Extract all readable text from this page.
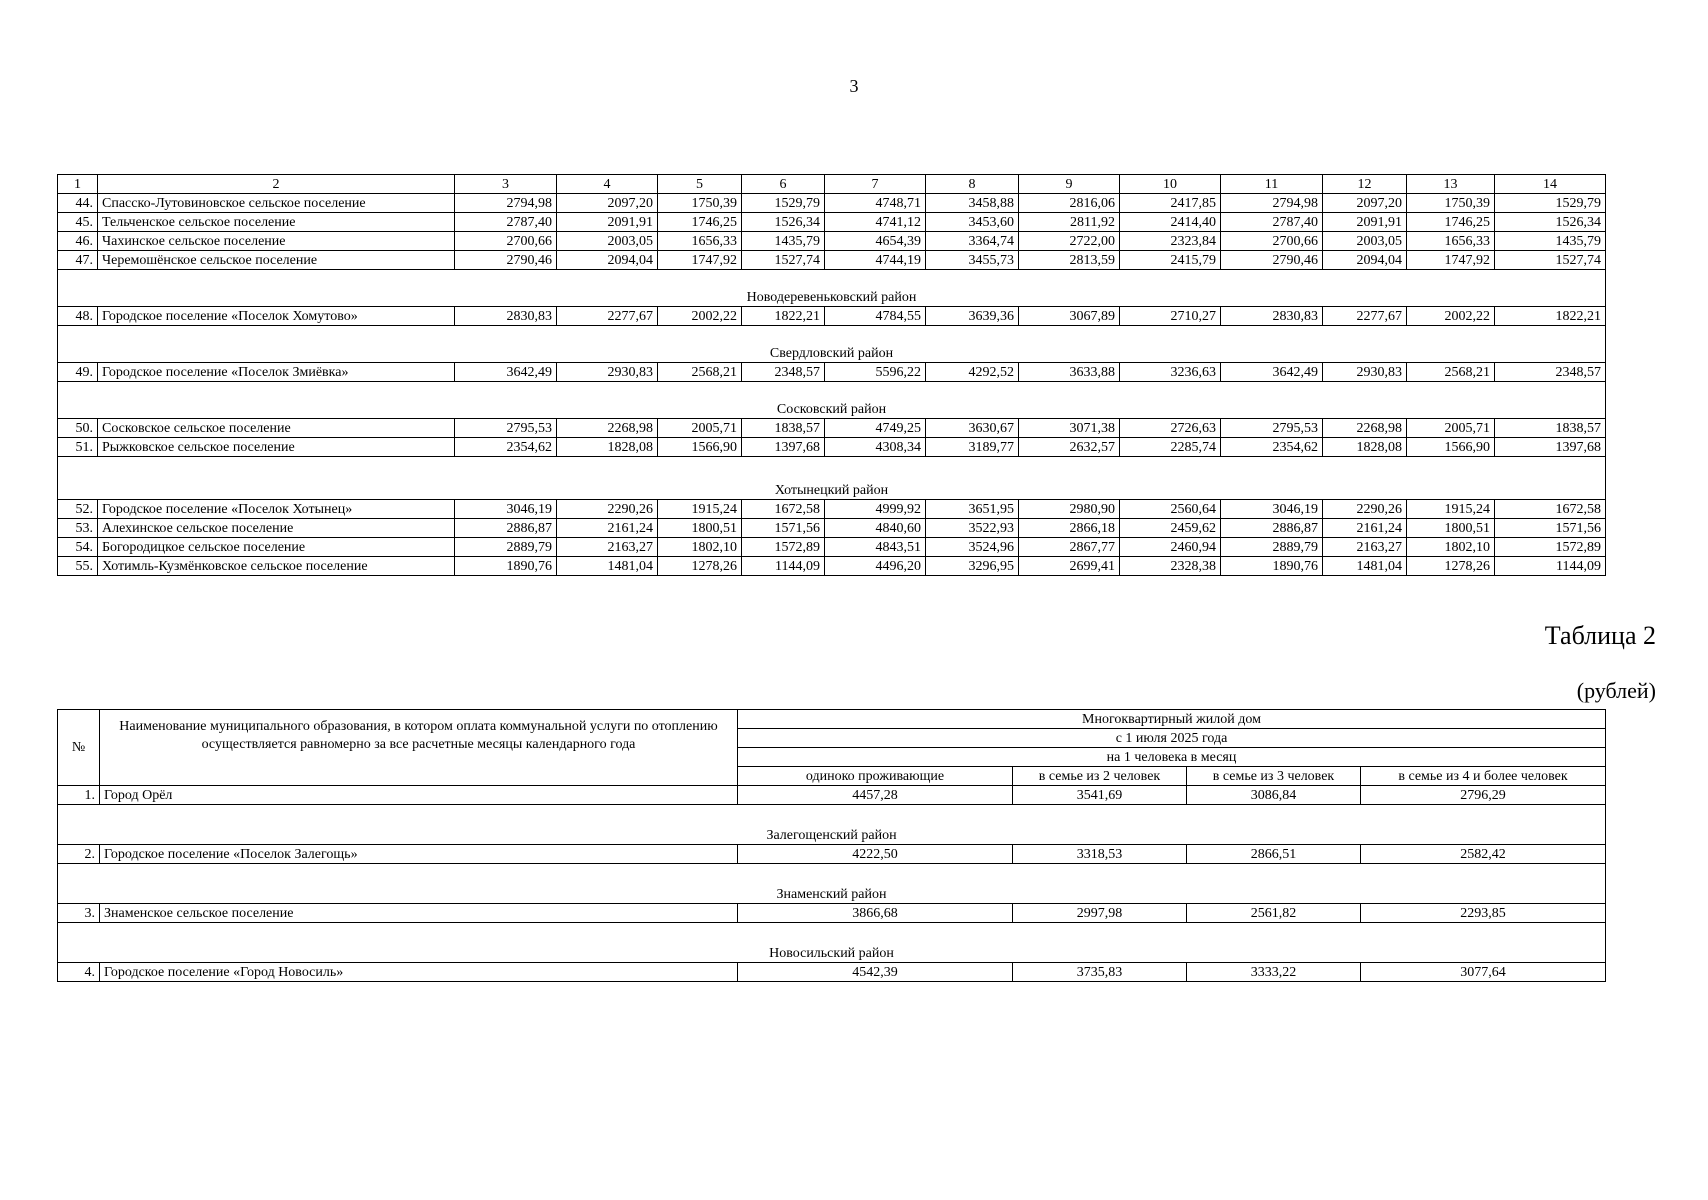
3
1	2	3	4	5	6	7	8	9	10	11	12	13	14
44.	Спасско-Лутовиновское сельское поселение	2794,98	2097,20	1750,39	1529,79	4748,71	3458,88	2816,06	2417,85	2794,98	2097,20	1750,39	1529,79
45.	Тельченское сельское поселение	2787,40	2091,91	1746,25	1526,34	4741,12	3453,60	2811,92	2414,40	2787,40	2091,91	1746,25	1526,34
46.	Чахинское сельское поселение	2700,66	2003,05	1656,33	1435,79	4654,39	3364,74	2722,00	2323,84	2700,66	2003,05	1656,33	1435,79
47.	Черемошёнское сельское поселение	2790,46	2094,04	1747,92	1527,74	4744,19	3455,73	2813,59	2415,79	2790,46	2094,04	1747,92	1527,74
Новодеревеньковский район													
48.	Городское поселение «Поселок Хомутово»	2830,83	2277,67	2002,22	1822,21	4784,55	3639,36	3067,89	2710,27	2830,83	2277,67	2002,22	1822,21
Свердловский район													
49.	Городское поселение «Поселок Змиёвка»	3642,49	2930,83	2568,21	2348,57	5596,22	4292,52	3633,88	3236,63	3642,49	2930,83	2568,21	2348,57
Сосковский район													
50.	Сосковское сельское поселение	2795,53	2268,98	2005,71	1838,57	4749,25	3630,67	3071,38	2726,63	2795,53	2268,98	2005,71	1838,57
51.	Рыжковское сельское поселение	2354,62	1828,08	1566,90	1397,68	4308,34	3189,77	2632,57	2285,74	2354,62	1828,08	1566,90	1397,68
Хотынецкий район													
52.	Городское поселение «Поселок Хотынец»	3046,19	2290,26	1915,24	1672,58	4999,92	3651,95	2980,90	2560,64	3046,19	2290,26	1915,24	1672,58
53.	Алехинское сельское поселение	2886,87	2161,24	1800,51	1571,56	4840,60	3522,93	2866,18	2459,62	2886,87	2161,24	1800,51	1571,56
54.	Богородицкое сельское поселение	2889,79	2163,27	1802,10	1572,89	4843,51	3524,96	2867,77	2460,94	2889,79	2163,27	1802,10	1572,89
55.	Хотимль-Кузмёнковское сельское поселение	1890,76	1481,04	1278,26	1144,09	4496,20	3296,95	2699,41	2328,38	1890,76	1481,04	1278,26	1144,09
Таблица 2
(рублей)
№	Наименование муниципального образования, в котором оплата коммунальной услуги по отоплению осуществляется равномерно за все расчетные месяцы календарного года	Многоквартирный жилой дом			
		с 1 июля 2025 года			
		на 1 человека в месяц			
		одиноко проживающие	в семье из 2 человек	в семье из 3 человек	в семье из 4 и более человек
1.	Город Орёл	4457,28	3541,69	3086,84	2796,29
Залегощенский район					
2.	Городское поселение «Поселок Залегощь»	4222,50	3318,53	2866,51	2582,42
Знаменский район					
3.	Знаменское сельское поселение	3866,68	2997,98	2561,82	2293,85
Новосильский район					
4.	Городское поселение «Город Новосиль»	4542,39	3735,83	3333,22	3077,64
